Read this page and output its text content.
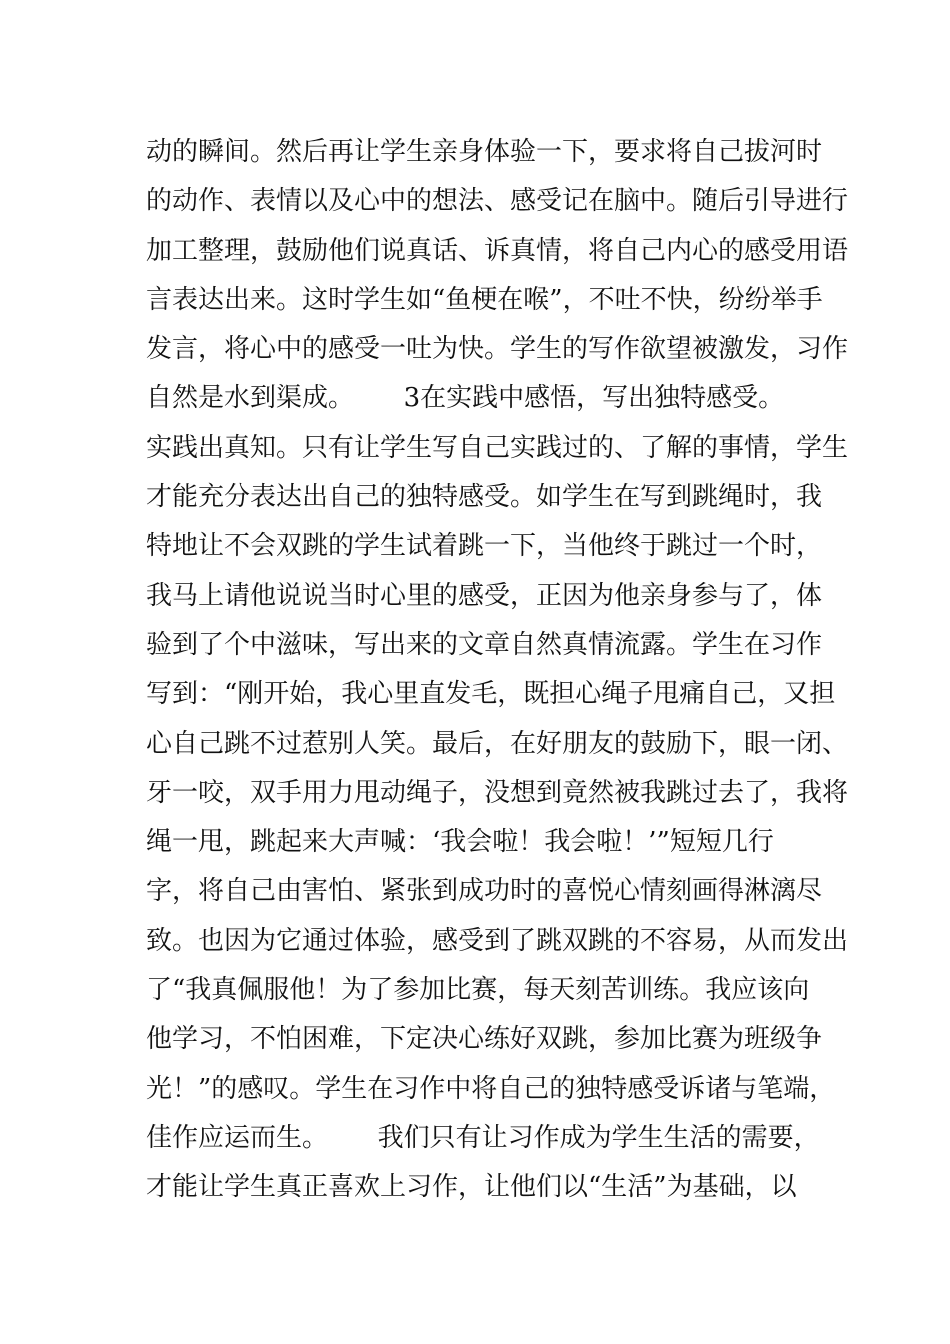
动的瞬间。然后再让学生亲身体验一下，要求将自己拔河时
的动作、表情以及心中的想法、感受记在脑中。随后引导进行
加工整理，鼓励他们说真话、诉真情，将自己内心的感受用语
言表达出来。这时学生如“鱼梗在喉”，不吐不快，纷纷举手
发言，将心中的感受一吐为快。学生的写作欲望被激发，习作
自然是水到渠成。      3在实践中感悟，写出独特感受。
实践出真知。只有让学生写自己实践过的、了解的事情，学生
才能充分表达出自己的独特感受。如学生在写到跳绳时，我
特地让不会双跳的学生试着跳一下，当他终于跳过一个时，
我马上请他说说当时心里的感受，正因为他亲身参与了，体
验到了个中滋味，写出来的文章自然真情流露。学生在习作
写到：“刚开始，我心里直发毛，既担心绳子甩痛自己，又担
心自己跳不过惹别人笑。最后，在好朋友的鼓励下，眼一闭、
牙一咬，双手用力甩动绳子，没想到竟然被我跳过去了，我将
绳一甩，跳起来大声喊：‘我会啦！我会啦！’”短短几行
字，将自己由害怕、紧张到成功时的喜悦心情刻画得淋漓尽
致。也因为它通过体验，感受到了跳双跳的不容易，从而发出
了“我真佩服他！为了参加比赛，每天刻苦训练。我应该向
他学习，不怕困难，下定决心练好双跳，参加比赛为班级争
光！”的感叹。学生在习作中将自己的独特感受诉诸与笔端，
佳作应运而生。      我们只有让习作成为学生生活的需要，
才能让学生真正喜欢上习作，让他们以“生活”为基础，以
